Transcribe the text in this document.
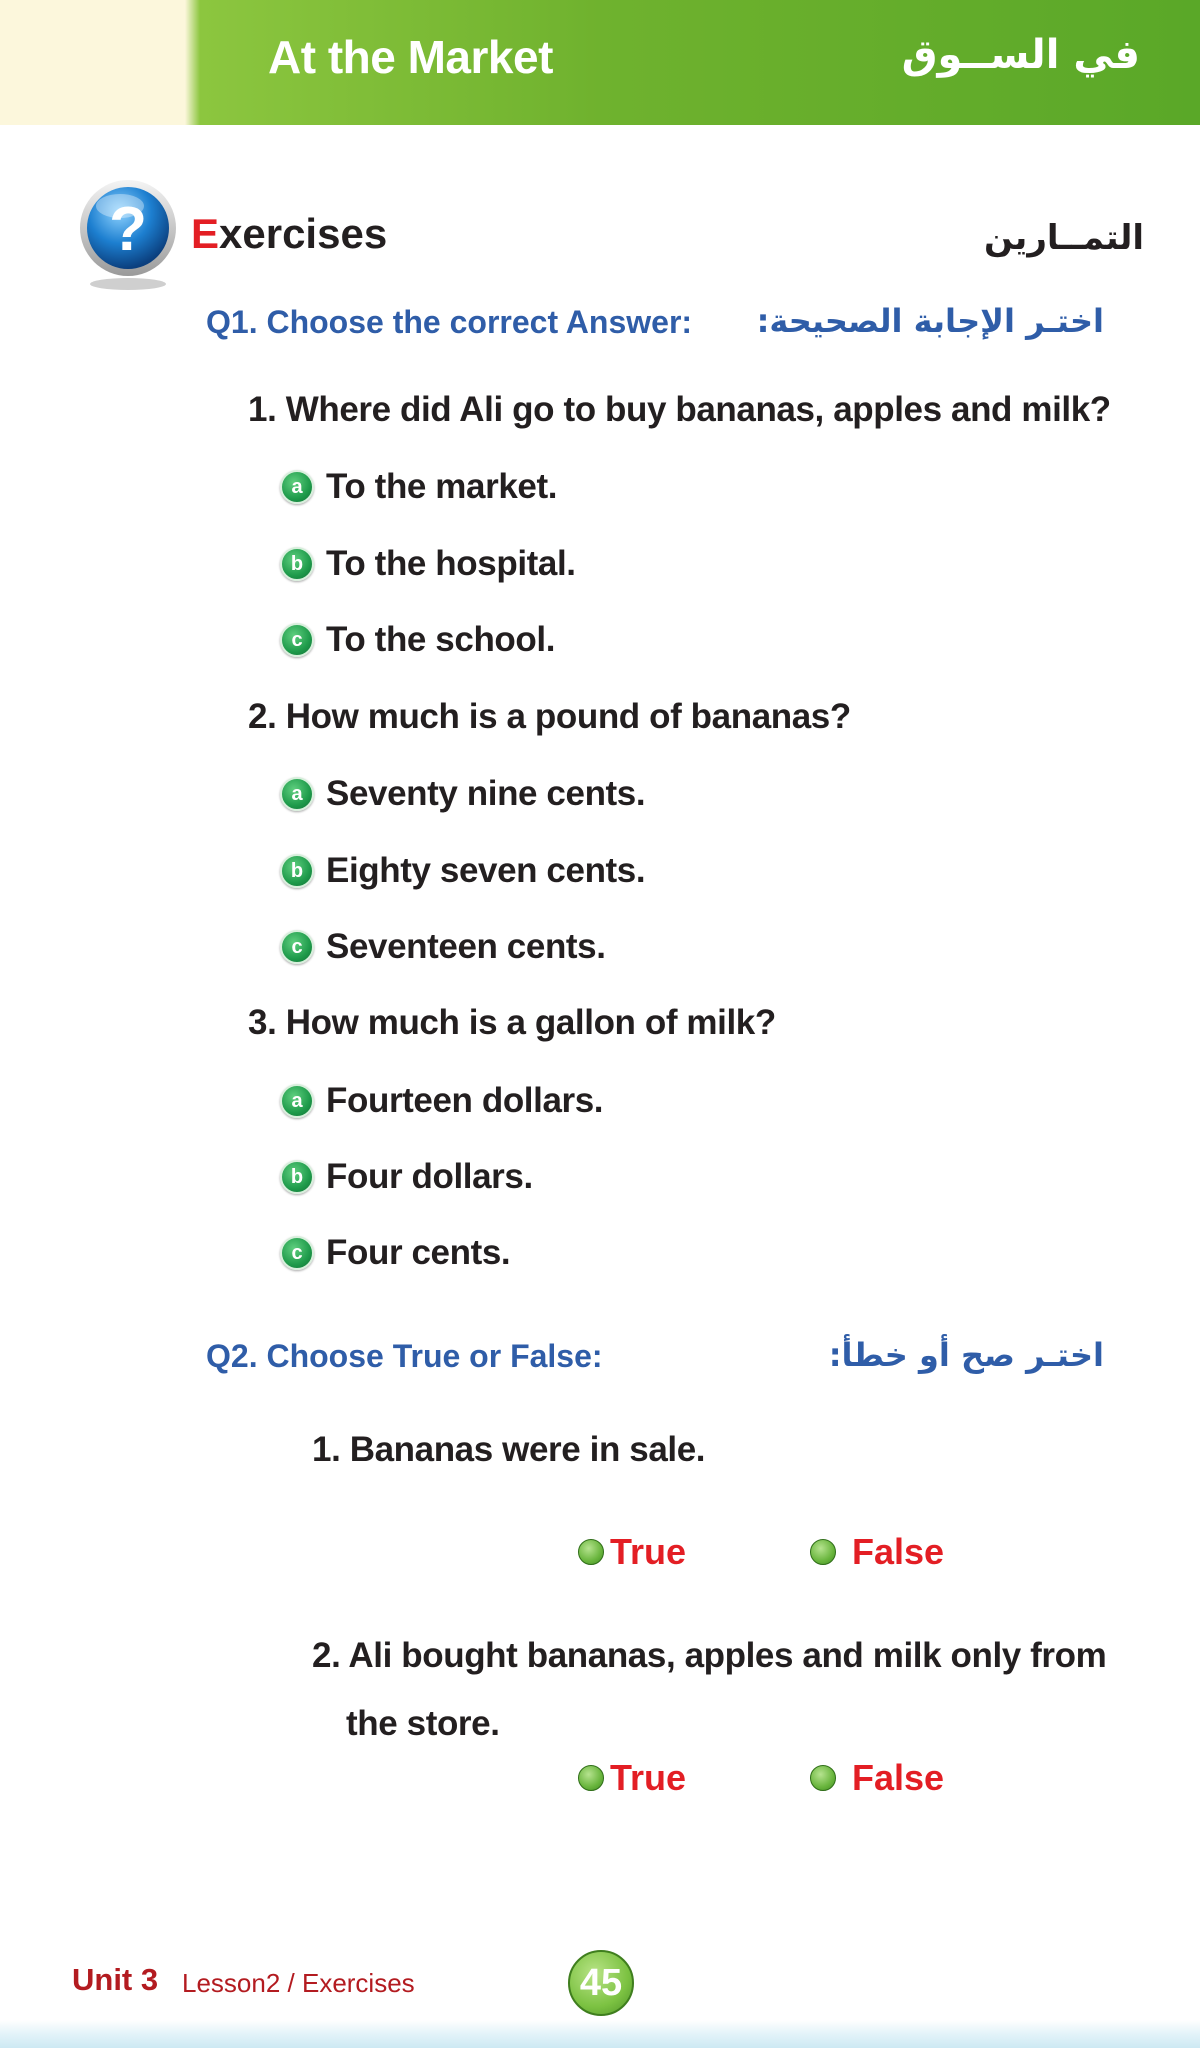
At the Market	في الســوق
? Exercises	التمــارين
Q1. Choose the correct Answer: اختـر الإجابة الصحيحة:
1. Where did Ali go to buy bananas, apples and milk?
a To the market.
b To the hospital.
c To the school.
2. How much is a pound of bananas?
a Seventy nine cents.
b Eighty seven cents.
c Seventeen cents.
3. How much is a gallon of milk?
a Fourteen dollars.
b Four dollars.
c Four cents.
Q2. Choose True or False:	اختـر صح أو خطأ:
1. Bananas were in sale.
True	False
2. Ali bought bananas, apples and milk only from
the store.
True	False
Unit 3 Lesson2 / Exercises	45
